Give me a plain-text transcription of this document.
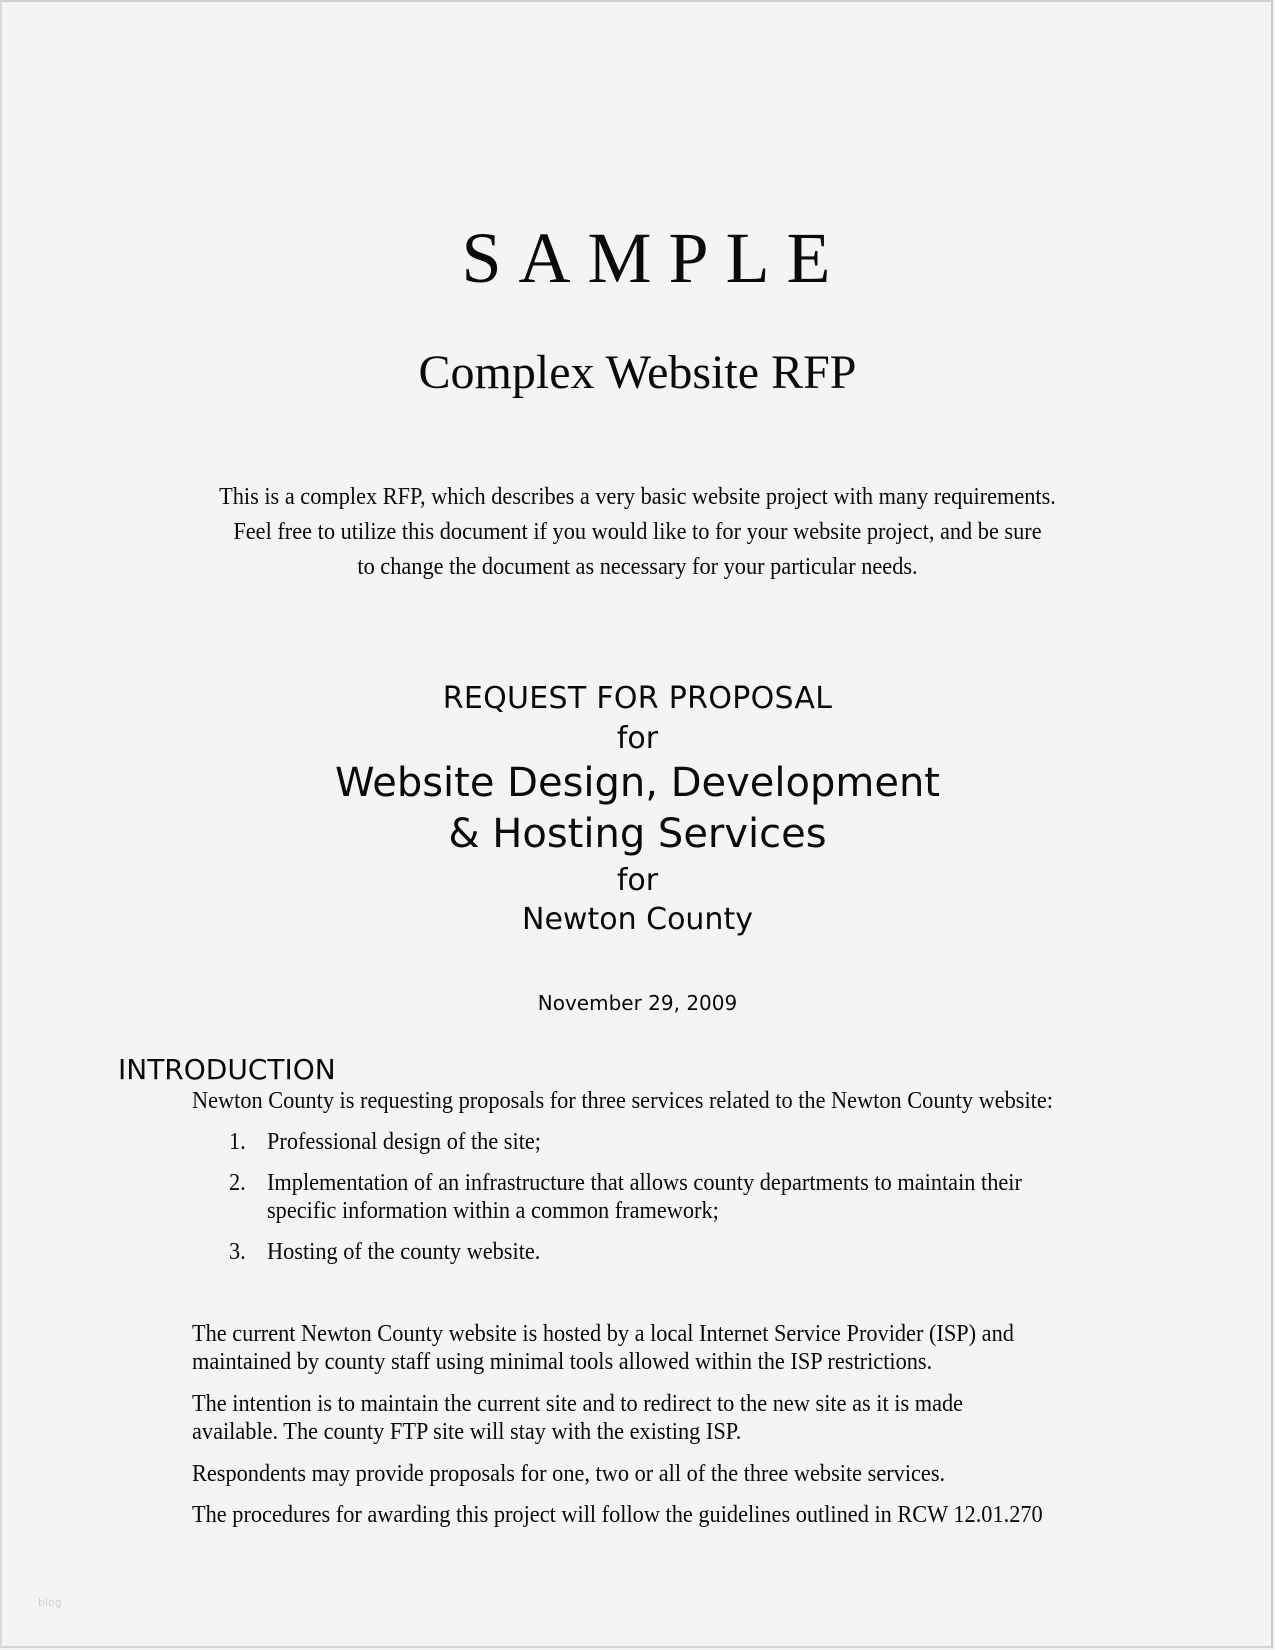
SAMPLE
Complex Website RFP
This is a complex RFP, which describes a very basic website project with many requirements.
Feel free to utilize this document if you would like to for your website project, and be sure
to change the document as necessary for your particular needs.
REQUEST FOR PROPOSAL
for
Website Design, Development
& Hosting Services
for
Newton County
November 29, 2009
INTRODUCTION
Newton County is requesting proposals for three services related to the Newton County website:
1. Professional design of the site;
2. Implementation of an infrastructure that allows county departments to maintain their
specific information within a common framework;
3. Hosting of the county website.
The current Newton County website is hosted by a local Internet Service Provider (ISP) and
maintained by county staff using minimal tools allowed within the ISP restrictions.
The intention is to maintain the current site and to redirect to the new site as it is made
available. The county FTP site will stay with the existing ISP.
Respondents may provide proposals for one, two or all of the three website services.
The procedures for awarding this project will follow the guidelines outlined in RCW 12.01.270
blog
